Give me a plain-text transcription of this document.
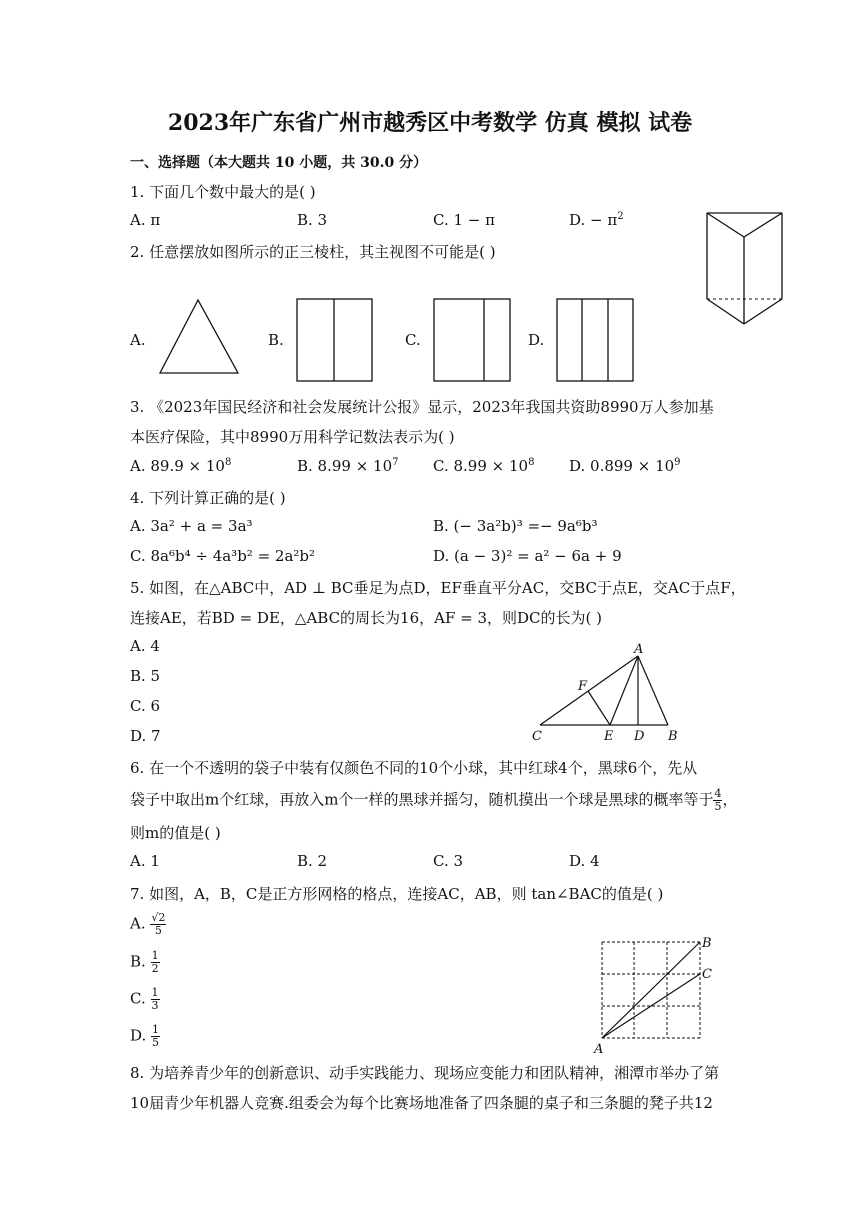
2023年广东省广州市越秀区中考数学 仿真 模拟 试卷
一、选择题（本大题共 10 小题，共 30.0 分）
1. 下面几个数中最大的是( )
A. π	B. 3	C. 1 − π	D. − $\pi^2$
2. 任意摆放如图所示的正三棱柱，其主视图不可能是( )
A.	B.	C.	D.
3. 《2023年国民经济和社会发展统计公报》显示，2023年我国共资助8990万人参加基
本医疗保险，其中8990万用科学记数法表示为( )
A. $89.9 \times 10^8$	B. $8.99 \times 10^7$ C. $8.99 \times 10^8$ D. $0.899 \times 10^9$
4. 下列计算正确的是( )
A. 3a² + a = 3a³	B. (− 3a²b)³ =− 9a⁶b³
C. 8a⁶b⁴ ÷ 4a³b² = 2a²b²	D. (a − 3)² = a² − 6a + 9
5. 如图，在△ABC中，AD ⊥ BC垂足为点D，EF垂直平分AC，交BC于点E，交AC于点F，
连接AE，若BD = DE，△ABC的周长为16，AF = 3，则DC的长为( )
A. 4
B. 5
C. 6
D. 7
A
B
C	D
E
F
6. 在一个不透明的袋子中装有仅颜色不同的10个小球，其中红球4个，黑球6个，先从
袋子中取出m个红球，再放入m个一样的黑球并摇匀，随机摸出一个球是黑球的概率等于 $\frac{4}{5}$ ，
则m的值是( )
A. 1	B. 2	C. 3	D. 4
7. 如图，A，B，C是正方形网格的格点，连接AC，AB，则 tan∠BAC的值是( )
A. $\frac{√2}{5}$
B. $\frac{1}{2}$
C. $\frac{1}{3}$
D. $\frac{1}{5}$
A
B
C
8. 为培养青少年的创新意识、动手实践能力、现场应变能力和团队精神，湘潭市举办了第
10届青少年机器人竞赛.组委会为每个比赛场地准备了四条腿的桌子和三条腿的凳子共12
